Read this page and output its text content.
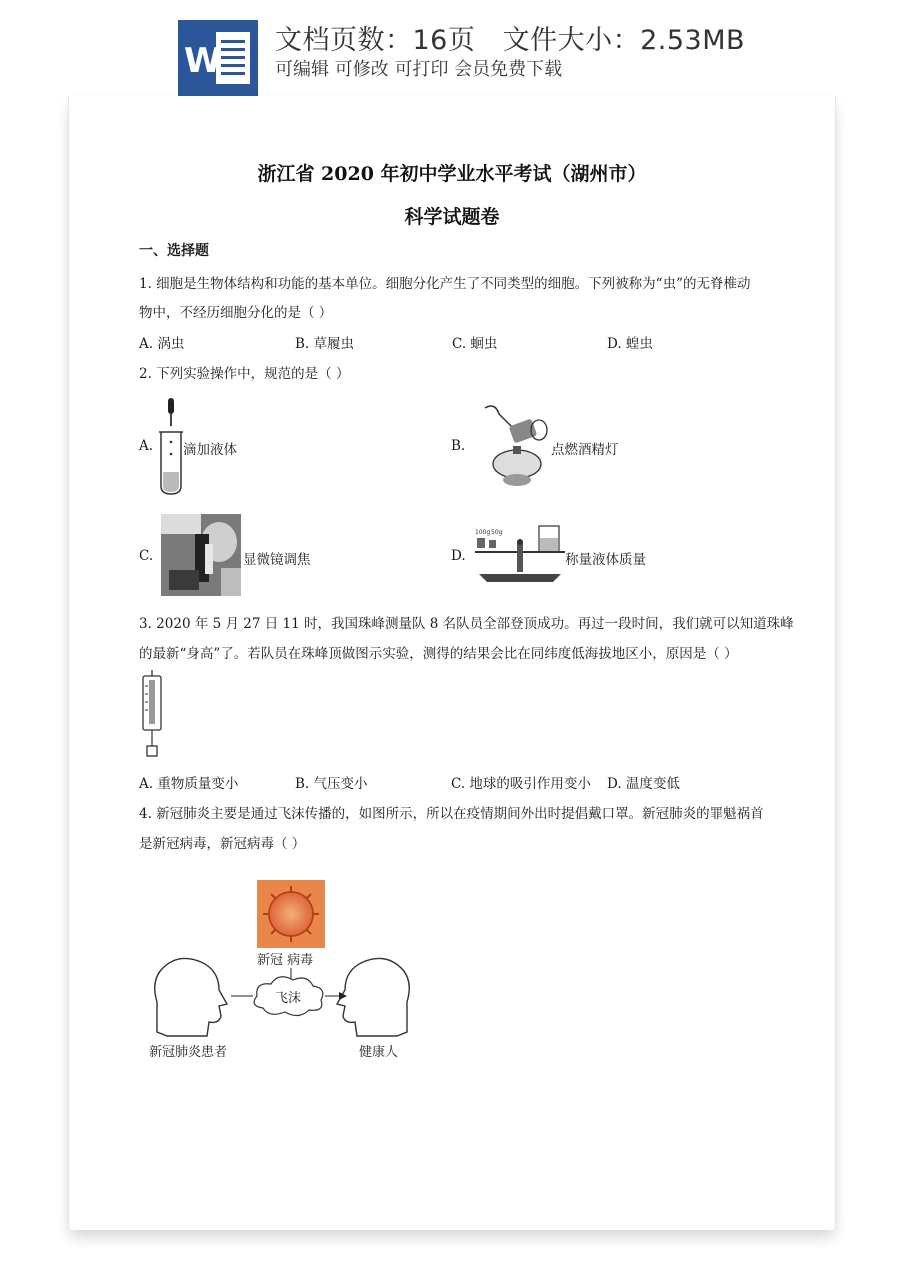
W
文档页数：16页   文件大小：2.53MB
可编辑 可修改 可打印 会员免费下载
浙江省 2020 年初中学业水平考试（湖州市）
科学试题卷
一、选择题
1. 细胞是生物体结构和功能的基本单位。细胞分化产生了不同类型的细胞。下列被称为“虫”的无脊椎动
物中，不经历细胞分化的是（ ）
A. 涡虫	B. 草履虫	C. 蛔虫	D. 蝗虫
2. 下列实验操作中，规范的是（ ）
A. 滴加液体	B.	点燃酒精灯
C.	显微镜调焦	D.
100g 50g
称量液体质量
3. 2020 年 5 月 27 日 11 时，我国珠峰测量队 8 名队员全部登顶成功。再过一段时间，我们就可以知道珠峰
的最新“身高”了。若队员在珠峰顶做图示实验，测得的结果会比在同纬度低海拔地区小，原因是（ ）
A. 重物质量变小	B. 气压变小	C. 地球的吸引作用变小 D. 温度变低
4. 新冠肺炎主要是通过飞沫传播的，如图所示，所以在疫情期间外出时提倡戴口罩。新冠肺炎的罪魁祸首
是新冠病毒，新冠病毒（ ）
新冠 病毒
飞沫
新冠肺炎患者	健康人
